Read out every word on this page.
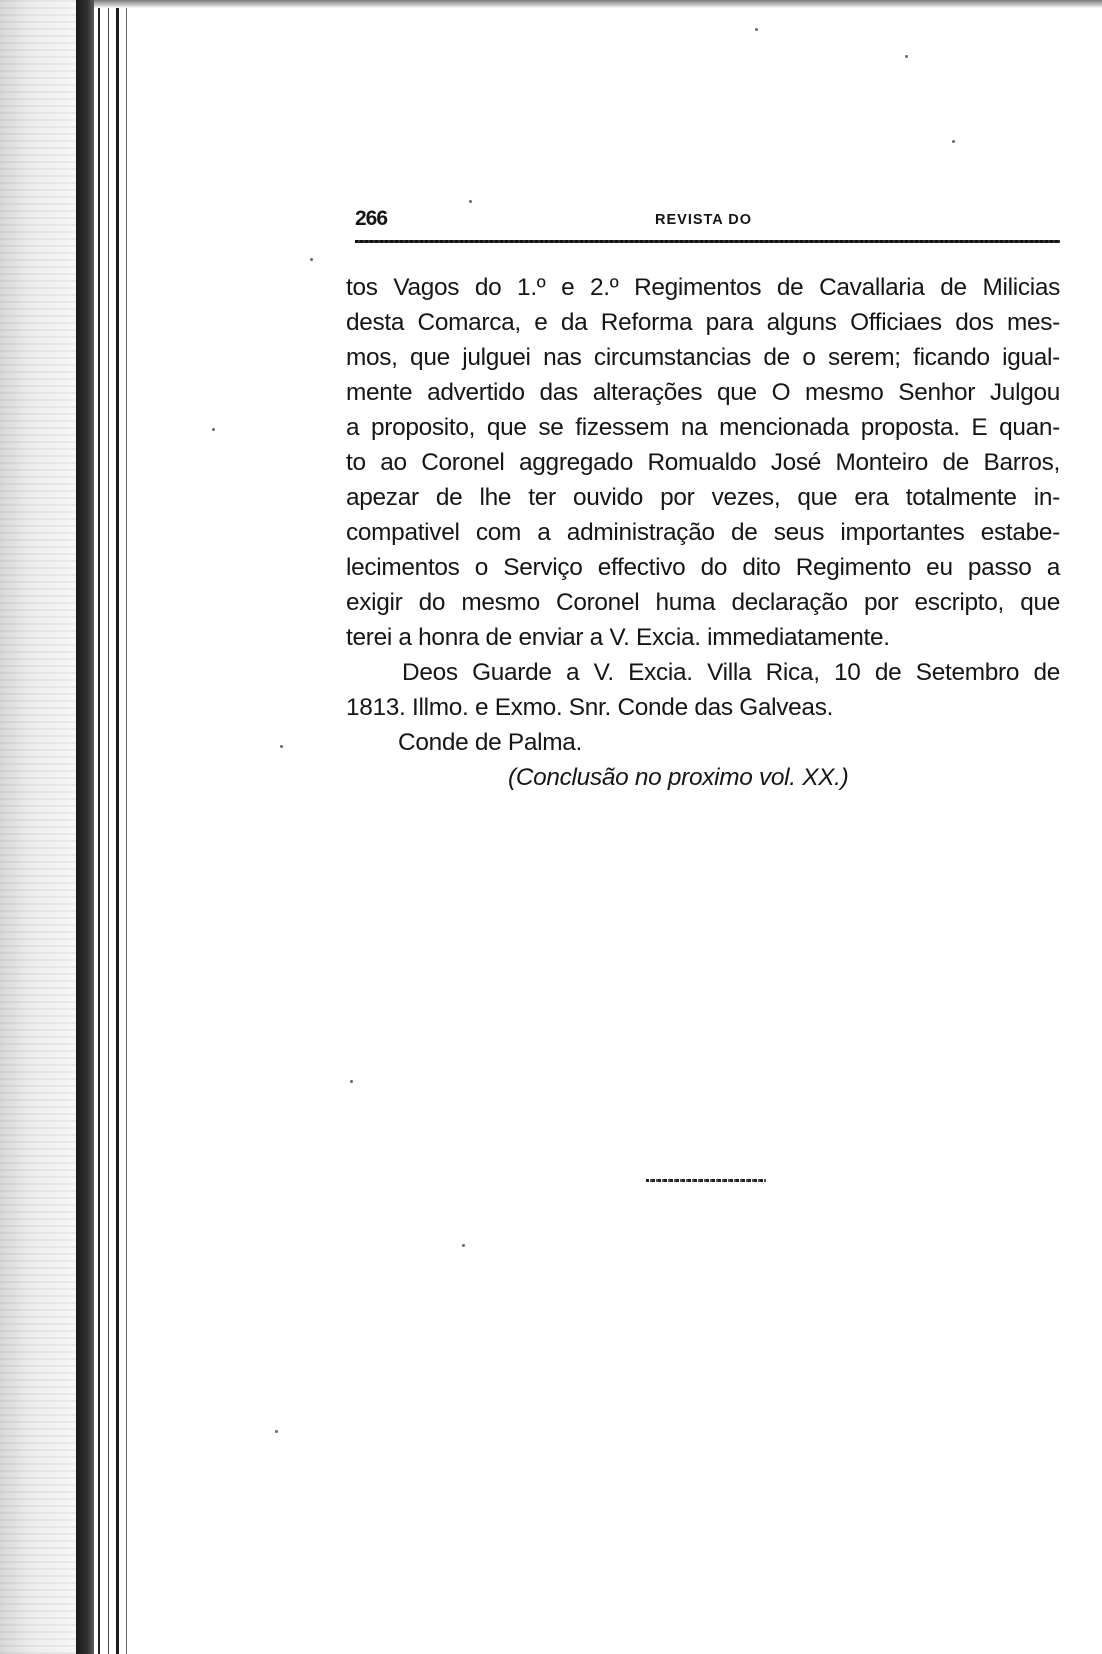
266	REVISTA DO
tos Vagos do 1.º e 2.º Regimentos de Cavallaria de Milicias
desta Comarca, e da Reforma para alguns Officiaes dos mes-
mos, que julguei nas circumstancias de o serem; ficando igual-
mente advertido das alterações que O mesmo Senhor Julgou
a proposito, que se fizessem na mencionada proposta. E quan-
to ao Coronel aggregado Romualdo José Monteiro de Barros,
apezar de lhe ter ouvido por vezes, que era totalmente in-
compativel com a administração de seus importantes estabe-
lecimentos o Serviço effectivo do dito Regimento eu passo a
exigir do mesmo Coronel huma declaração por escripto, que
terei a honra de enviar a V. Excia. immediatamente.
Deos Guarde a V. Excia. Villa Rica, 10 de Setembro de
1813. Illmo. e Exmo. Snr. Conde das Galveas.
Conde de Palma.
(Conclusão no proximo vol. XX.)
